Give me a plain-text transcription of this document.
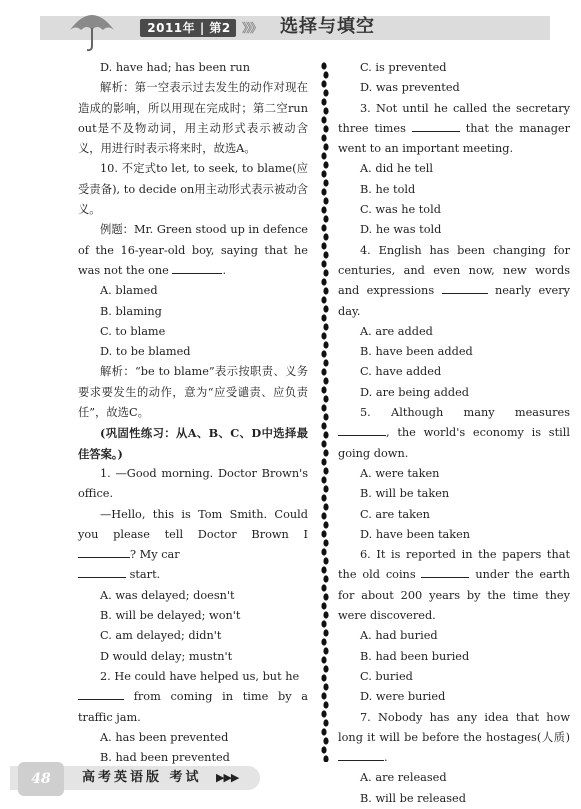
2011年 | 第2期
》》》 选择与填空

D. have had; has been run

解析：第一空表示过去发生的动作对现在造成的影响，所以用现在完成时；第二空run out是不及物动词，用主动形式表示被动含义，用进行时表示将来时，故选A。

10. 不定式to let, to seek, to blame(应受责备), to decide on用主动形式表示被动含义。

例题：Mr. Green stood up in defence of the 16-year-old boy, saying that he was not the one	.

A. blamed

B. blaming

C. to blame

D. to be blamed

解析：“be to blame”表示按职责、义务要求要发生的动作，意为“应受谴责、应负责任”，故选C。

(巩固性练习：从A、B、C、D中选择最佳答案。)

1. —Good morning. Doctor Brown's office.

—Hello, this is Tom Smith. Could you please tell Doctor Brown I ? My car

start.

A. was delayed; doesn't

B. will be delayed; won't

C. am delayed; didn't

D would delay; mustn't

2. He could have helped us, but he

from coming in time by a traffic jam.

A. has been prevented

B. had been prevented

C. is prevented

D. was prevented

3. Not until he called the secretary three times	that the manager went to an important meeting.

A. did he tell

B. he told

C. was he told

D. he was told

4. English has been changing for centuries, and even now, new words and expressions	nearly every day.

A. are added

B. have been added

C. have added

D. are being added

5. Although many measures , the world's economy is still going down.

A. were taken

B. will be taken

C. are taken

D. have been taken

6. It is reported in the papers that the old coins	under the earth for about 200 years by the time they were discovered.

A. had buried

B. had been buried

C. buried

D. were buried

7. Nobody has any idea that how long it will be before the hostages(人质) .

A. are released

B. will be released

48	高考英语版 考试 ▶▶▶
